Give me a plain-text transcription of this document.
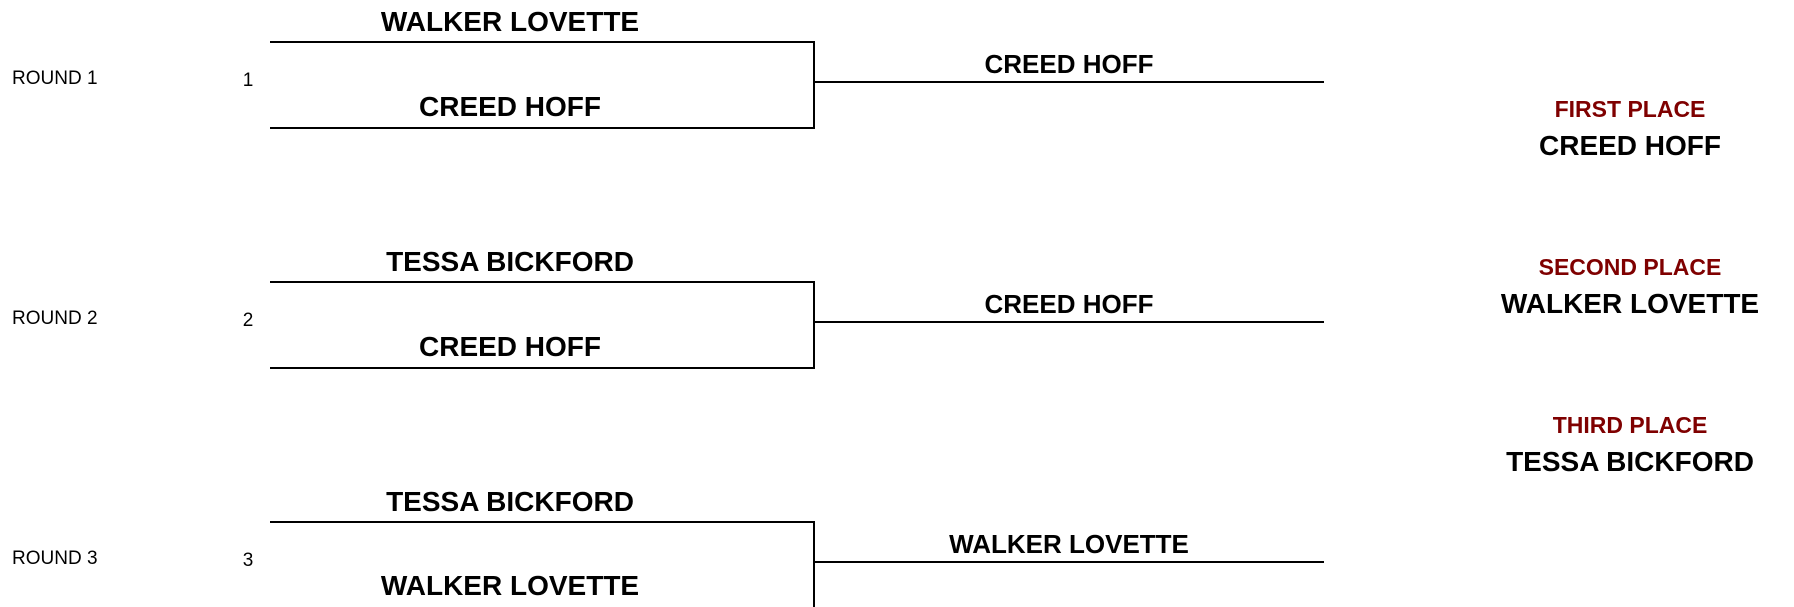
ROUND 1	1
WALKER LOVETTE
CREED HOFF
CREED HOFF
ROUND 2	2
TESSA BICKFORD
CREED HOFF
CREED HOFF
ROUND 3	3
TESSA BICKFORD
WALKER LOVETTE
WALKER LOVETTE
FIRST PLACE
CREED HOFF
SECOND PLACE
WALKER LOVETTE
THIRD PLACE
TESSA BICKFORD
